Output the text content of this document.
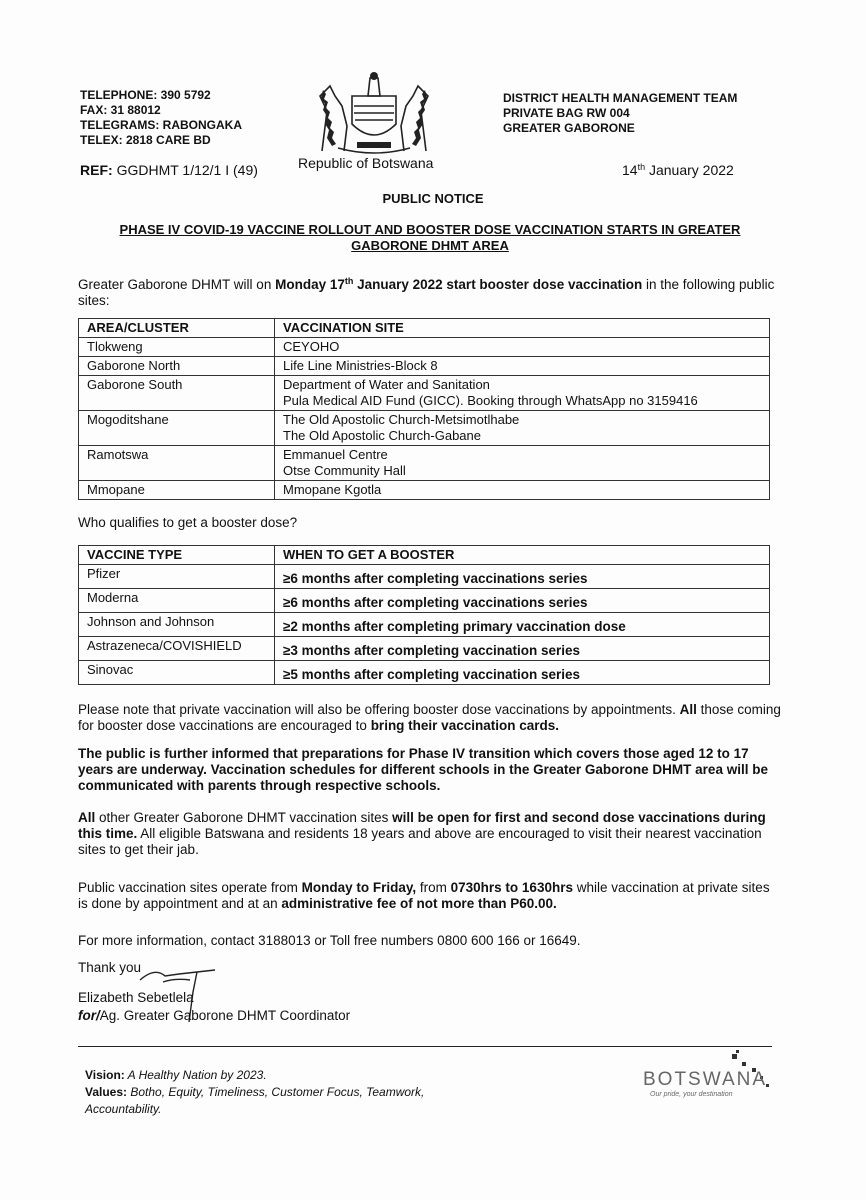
TELEPHONE: 390 5792
FAX: 31 88012
TELEGRAMS: RABONGAKA
TELEX: 2818 CARE BD
DISTRICT HEALTH MANAGEMENT TEAM
PRIVATE BAG RW 004
GREATER GABORONE
REF: GGDHMT 1/12/1 I (49)	Republic of Botswana	14th January 2022
PUBLIC NOTICE
PHASE IV COVID-19 VACCINE ROLLOUT AND BOOSTER DOSE VACCINATION STARTS IN GREATER GABORONE DHMT AREA
Greater Gaborone DHMT will on Monday 17th January 2022 start booster dose vaccination in the following public sites:
AREA/CLUSTER	VACCINATION SITE
Tlokweng	CEYOHO

Gaborone North	Life Line Ministries-Block 8

Gaborone South	Department of Water and Sanitation
Pula Medical AID Fund (GICC). Booking through WhatsApp no 3159416

Mogoditshane	The Old Apostolic Church-Metsimotlhabe
The Old Apostolic Church-Gabane

Ramotswa	Emmanuel Centre
Otse Community Hall

Mmopane	Mmopane Kgotla
Who qualifies to get a booster dose?
VACCINE TYPE	WHEN TO GET A BOOSTER
Pfizer	≥6 months after completing vaccinations series
Moderna	≥6 months after completing vaccinations series
Johnson and Johnson	≥2 months after completing primary vaccination dose
Astrazeneca/COVISHIELD	≥3 months after completing vaccination series
Sinovac	≥5 months after completing vaccination series
Please note that private vaccination will also be offering booster dose vaccinations by appointments. All those coming for booster dose vaccinations are encouraged to bring their vaccination cards.
The public is further informed that preparations for Phase IV transition which covers those aged 12 to 17 years are underway. Vaccination schedules for different schools in the Greater Gaborone DHMT area will be communicated with parents through respective schools.
All other Greater Gaborone DHMT vaccination sites will be open for first and second dose vaccinations during this time. All eligible Batswana and residents 18 years and above are encouraged to visit their nearest vaccination sites to get their jab.
Public vaccination sites operate from Monday to Friday, from 0730hrs to 1630hrs while vaccination at private sites is done by appointment and at an administrative fee of not more than P60.00.
For more information, contact 3188013 or Toll free numbers 0800 600 166 or 16649.
Thank you
Elizabeth Sebetlela
for/Ag. Greater Gaborone DHMT Coordinator
Vision: A Healthy Nation by 2023.
Values: Botho, Equity, Timeliness, Customer Focus, Teamwork, Accountability.
BOTSWANA
Our pride, your destination
